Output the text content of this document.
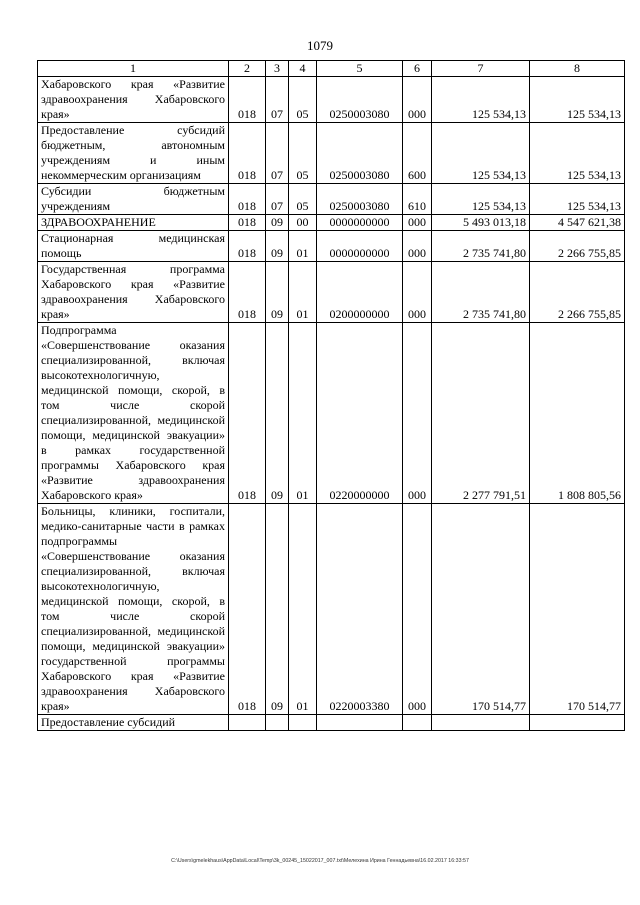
1079
1	2	3	4	5	6	7	8
Хабаровского края «Развитие здравоохранения Хабаровского края»	018	07	05	0250003080	000	125 534,13	125 534,13
Предоставление субсидий бюджетным, автономным учреждениям и иным некоммерческим организациям	018	07	05	0250003080	600	125 534,13	125 534,13
Субсидии бюджетным учреждениям	018	07	05	0250003080	610	125 534,13	125 534,13
ЗДРАВООХРАНЕНИЕ	018	09	00	0000000000	000	5 493 013,18	4 547 621,38
Стационарная медицинская помощь	018	09	01	0000000000	000	2 735 741,80	2 266 755,85
Государственная программа Хабаровского края «Развитие здравоохранения Хабаровского края»	018	09	01	0200000000	000	2 735 741,80	2 266 755,85
Подпрограмма «Совершенствование оказания специализированной, включая высокотехнологичную, медицинской помощи, скорой, в том числе скорой специализированной, медицинской помощи, медицинской эвакуации» в рамках государственной программы Хабаровского края «Развитие здравоохранения Хабаровского края»	018	09	01	0220000000	000	2 277 791,51	1 808 805,56
Больницы, клиники, госпитали, медико-санитарные части в рамках подпрограммы «Совершенствование оказания специализированной, включая высокотехнологичную, медицинской помощи, скорой, в том числе скорой специализированной, медицинской помощи, медицинской эвакуации» государственной программы Хабаровского края «Развитие здравоохранения Хабаровского края»	018	09	01	0220003380	000	170 514,77	170 514,77
Предоставление субсидий							
C:\Users\gmelekhaus\AppData\Local\Temp\3k_00245_15022017_007.txt\Мелехина Ирина Геннадьевна\16.02.2017 16:33:57
